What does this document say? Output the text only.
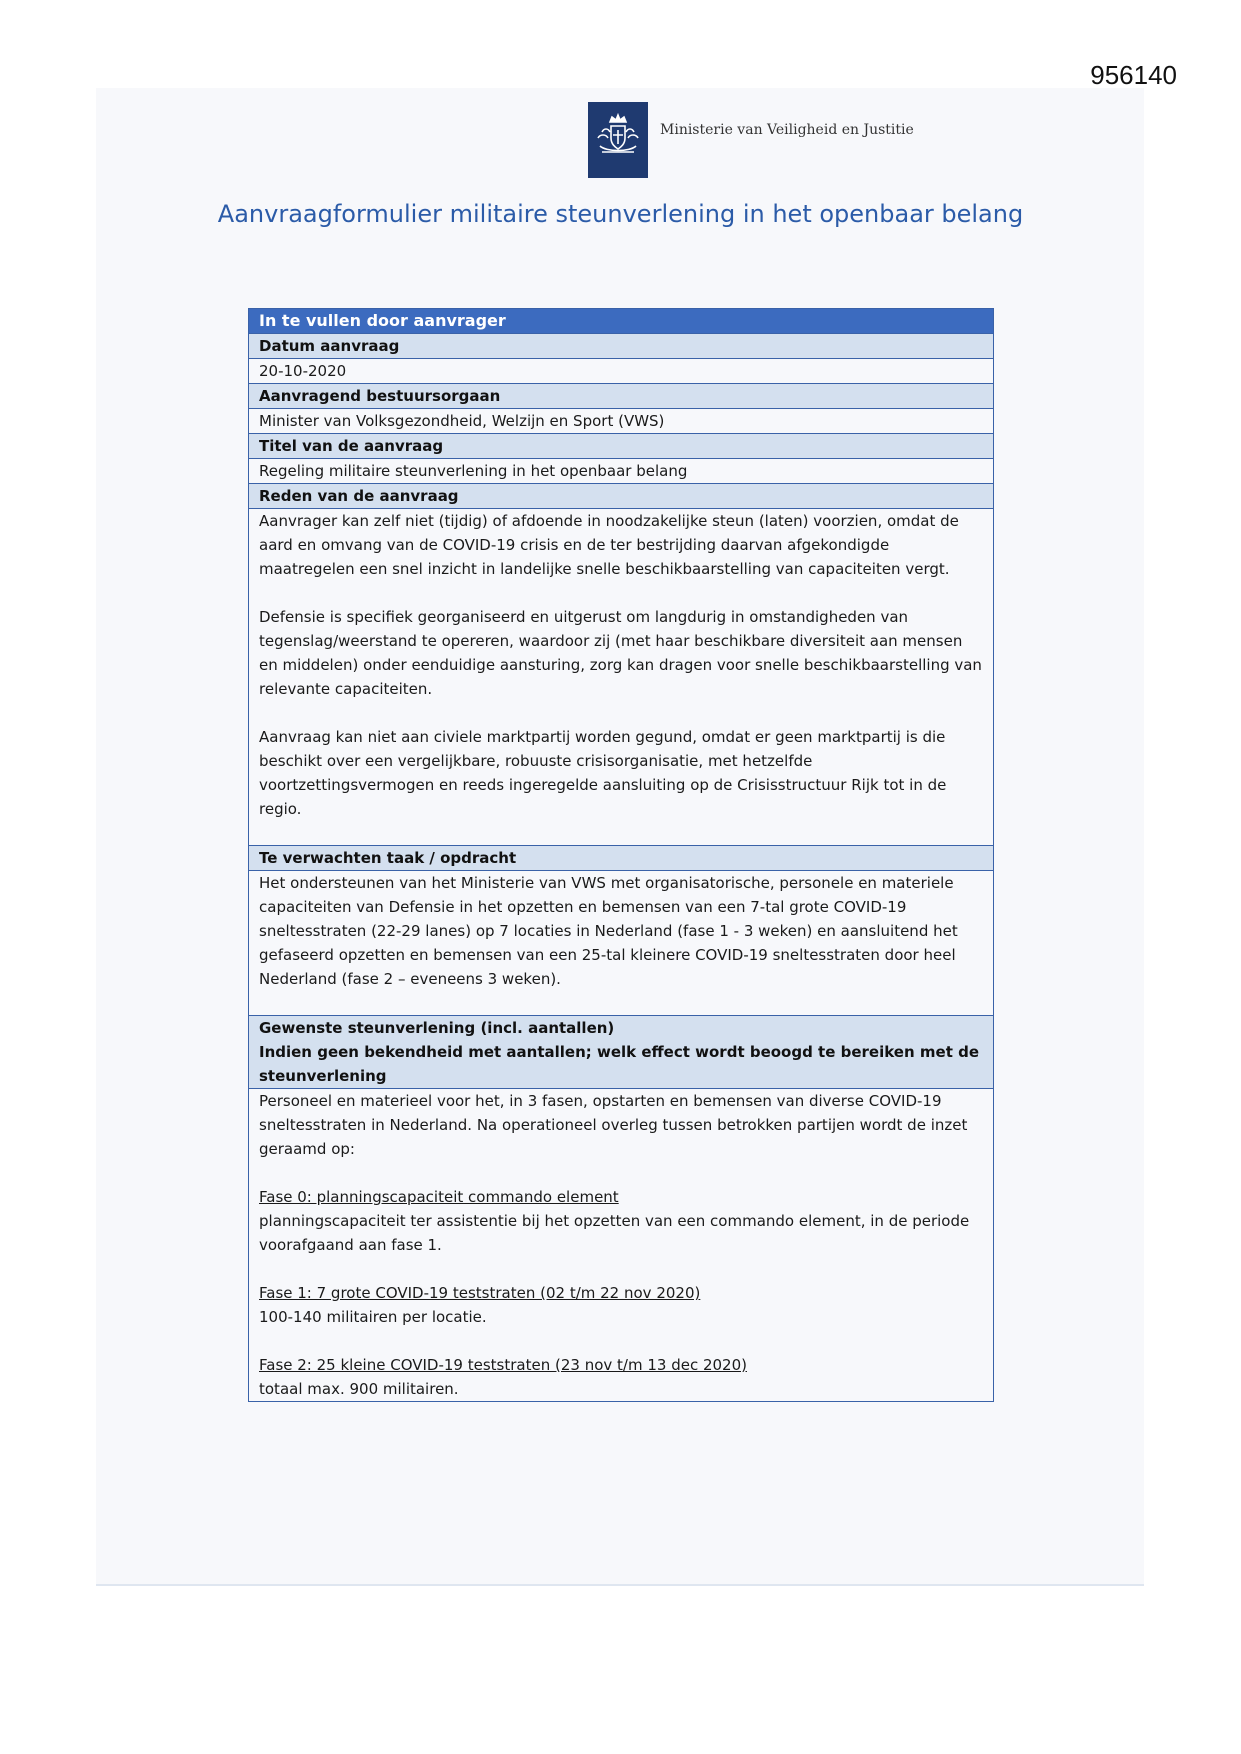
956140
Ministerie van Veiligheid en Justitie
Aanvraagformulier militaire steunverlening in het openbaar belang
In te vullen door aanvrager
Datum aanvraag
20-10-2020
Aanvragend bestuursorgaan
Minister van Volksgezondheid, Welzijn en Sport (VWS)
Titel van de aanvraag
Regeling militaire steunverlening in het openbaar belang
Reden van de aanvraag

Aanvrager kan zelf niet (tijdig) of afdoende in noodzakelijke steun (laten) voorzien, omdat de aard en omvang van de COVID-19 crisis en de ter bestrijding daarvan afgekondigde maatregelen een snel inzicht in landelijke snelle beschikbaarstelling van capaciteiten vergt.

Defensie is specifiek georganiseerd en uitgerust om langdurig in omstandigheden van tegenslag/weerstand te opereren, waardoor zij (met haar beschikbare diversiteit aan mensen en middelen) onder eenduidige aansturing, zorg kan dragen voor snelle beschikbaarstelling van relevante capaciteiten.

Aanvraag kan niet aan civiele marktpartij worden gegund, omdat er geen marktpartij is die beschikt over een vergelijkbare, robuuste crisisorganisatie, met hetzelfde voortzettingsvermogen en reeds ingeregelde aansluiting op de Crisisstructuur Rijk tot in de regio.

Te verwachten taak / opdracht

Het ondersteunen van het Ministerie van VWS met organisatorische, personele en materiele capaciteiten van Defensie in het opzetten en bemensen van een 7-tal grote COVID-19 sneltesstraten (22-29 lanes) op 7 locaties in Nederland (fase 1 - 3 weken) en aansluitend het gefaseerd opzetten en bemensen van een 25-tal kleinere COVID-19 sneltesstraten door heel Nederland (fase 2 – eveneens 3 weken).

Gewenste steunverlening (incl. aantallen)
Indien geen bekendheid met aantallen; welk effect wordt beoogd te bereiken met de steunverlening

Personeel en materieel voor het, in 3 fasen, opstarten en bemensen van diverse COVID-19 sneltesstraten in Nederland. Na operationeel overleg tussen betrokken partijen wordt de inzet geraamd op:

Fase 0: planningscapaciteit commando element
planningscapaciteit ter assistentie bij het opzetten van een commando element, in de periode voorafgaand aan fase 1.
Fase 1: 7 grote COVID-19 teststraten (02 t/m 22 nov 2020)
100-140 militairen per locatie.
Fase 2: 25 kleine COVID-19 teststraten (23 nov t/m 13 dec 2020)
totaal max. 900 militairen.
